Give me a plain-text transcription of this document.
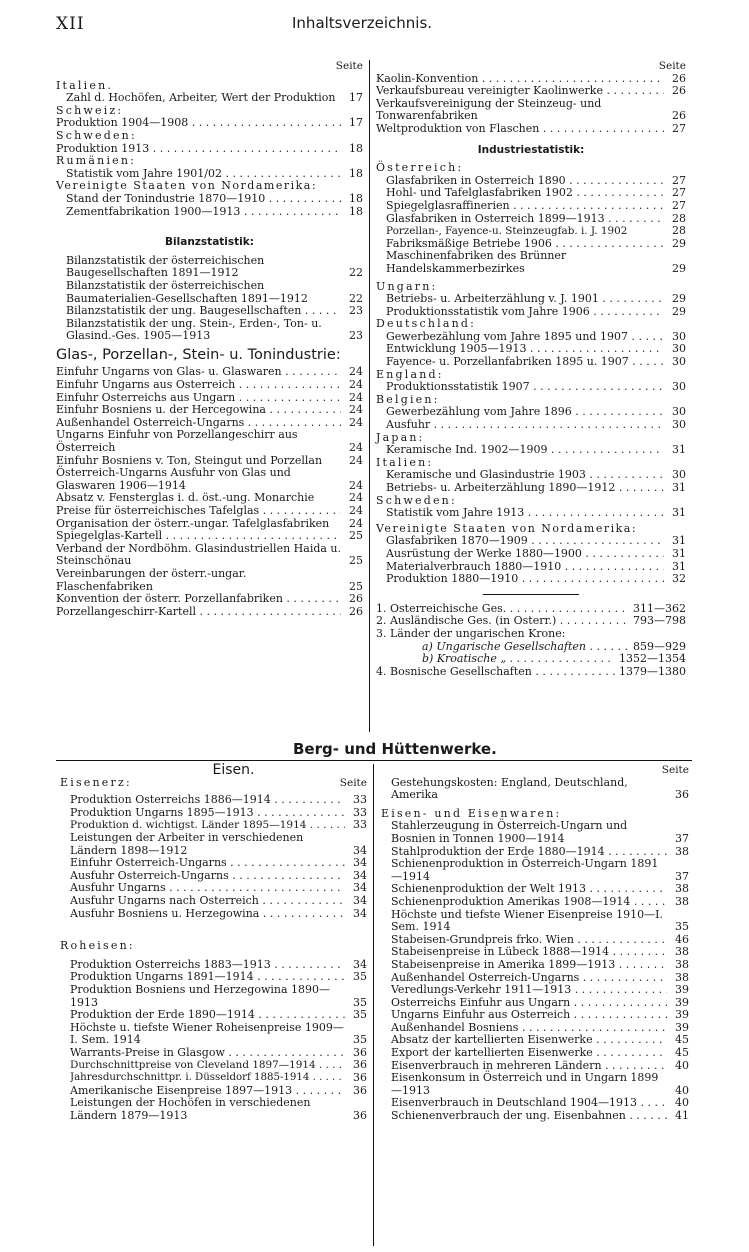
XII	Inhaltsverzeichnis.
Berg- und Hüttenwerke.
Seite
Italien.
Zahl d. Hochöfen, Arbeiter, Wert der Produktion	17
Schweiz:
Produktion 1904—1908 . . .	17
Schweden:
Produktion 1913 . . .	18
Rumänien:
Statistik vom Jahre 1901/02 . . .	18
Vereinigte Staaten von Nordamerika:
Stand der Tonindustrie 1870—1910 . . .	18
Zementfabrikation 1900—1913 . . .	18
Bilanzstatistik:
Bilanzstatistik der österreichischen Baugesellschaften 1891—1912	22
Bilanzstatistik der österreichischen Baumaterialien-Gesellschaften 1891—1912	22
Bilanzstatistik der ung. Baugesellschaften . . .	23
Bilanzstatistik der ung. Stein-, Erden-, Ton- u. Glasind.-Ges. 1905—1913	23
Glas-, Porzellan-, Stein- u. Tonindustrie:
Einfuhr Ungarns von Glas- u. Glaswaren . . .	24
Einfuhr Ungarns aus Österreich . . .	24
Einfuhr Österreichs aus Ungarn . . .	24
Einfuhr Bosniens u. der Hercegowina . . .	24
Außenhandel Österreich-Ungarns . . .	24
Ungarns Einfuhr von Porzellangeschirr aus Österreich	24
Einfuhr Bosniens v. Ton, Steingut und Porzellan	24
Österreich-Ungarns Ausfuhr von Glas und Glaswaren 1906—1914	24
Absatz v. Fensterglas i. d. öst.-ung. Monarchie	24
Preise für österreichisches Tafelglas . . .	24
Organisation der österr.-ungar. Tafelglasfabriken	24
Spiegelglas-Kartell . . .	25
Verband der Nordböhm. Glasindustriellen Haida u. Steinschönau	25
Vereinbarungen der österr.-ungar. Flaschenfabriken	25
Konvention der österr. Porzellanfabriken . . .	26
Porzellangeschirr-Kartell . . .	26
Seite
Kaolin-Konvention . . .	26
Verkaufsbureau vereinigter Kaolinwerke . . .	26
Verkaufsvereinigung der Steinzeug- und Tonwarenfabriken	26
Weltproduktion von Flaschen . . .	27
Industriestatistik:
Österreich:
Glasfabriken in Österreich 1890 . . .	27
Hohl- und Tafelglasfabriken 1902 . . .	27
Spiegelglasraffinerien . . .	27
Glasfabriken in Österreich 1899—1913 . . .	28
Porzellan-, Fayence-u. Steinzeugfab. i. J. 1902	28
Fabriksmäßige Betriebe 1906 . . .	29
Maschinenfabriken des Brünner Handelskammerbezirkes	29
Ungarn:
Betriebs- u. Arbeiterzählung v. J. 1901 . . .	29
Produktionsstatistik vom Jahre 1906 . . .	29
Deutschland:
Gewerbezählung vom Jahre 1895 und 1907 . . .	30
Entwicklung 1905—1913 . . .	30
Fayence- u. Porzellanfabriken 1895 u. 1907 . . .	30
England:
Produktionsstatistik 1907 . . .	30
Belgien:
Gewerbezählung vom Jahre 1896 . . .	30
Ausfuhr . . .	30
Japan:
Keramische Ind. 1902—1909 . . .	31
Italien:
Keramische und Glasindustrie 1903 . . .	30
Betriebs- u. Arbeiterzählung 1890—1912 . . .	31
Schweden:
Statistik vom Jahre 1913 . . .	31
Vereinigte Staaten von Nordamerika:
Glasfabriken 1870—1909 . . .	31
Ausrüstung der Werke 1880—1900 . . .	31
Materialverbrauch 1880—1910 . . .	31
Produktion 1880—1910 . . .	32
1. Österreichische Ges. . . .	311—362
2. Ausländische Ges. (in Österr.) . . .	793—798
3. Länder der ungarischen Krone:
a) Ungarische Gesellschaften . . .	859—929
b) Kroatische „ . . .	1352—1354
4. Bosnische Gesellschaften . . .	1379—1380
Eisen.
Eisenerz:	Seite
Produktion Österreichs 1886—1914 . . .	33
Produktion Ungarns 1895—1913 . . .	33
Produktion d. wichtigst. Länder 1895—1914 . . .	33
Leistungen der Arbeiter in verschiedenen Ländern 1898—1912	34
Einfuhr Österreich-Ungarns . . .	34
Ausfuhr Österreich-Ungarns . . .	34
Ausfuhr Ungarns . . .	34
Ausfuhr Ungarns nach Österreich . . .	34
Ausfuhr Bosniens u. Herzegowina . . .	34
Roheisen:
Produktion Österreichs 1883—1913 . . .	34
Produktion Ungarns 1891—1914 . . .	35
Produktion Bosniens und Herzegowina 1890—1913	35
Produktion der Erde 1890—1914 . . .	35
Höchste u. tiefste Wiener Roheisenpreise 1909—I. Sem. 1914	35
Warrants-Preise in Glasgow . . .	36
Durchschnittpreise von Cleveland 1897—1914 . . .	36
Jahresdurchschnittpr. i. Düsseldorf 1885-1914 . . .	36
Amerikanische Eisenpreise 1897—1913 . . .	36
Leistungen der Hochöfen in verschiedenen Ländern 1879—1913	36
Seite
Gestehungskosten: England, Deutschland, Amerika	36
Eisen- und Eisenwaren:
Stahlerzeugung in Österreich-Ungarn und Bosnien in Tonnen 1900—1914	37
Stahlproduktion der Erde 1880—1914 . . .	38
Schienenproduktion in Österreich-Ungarn 1891—1914	37
Schienenproduktion der Welt 1913 . . .	38
Schienenproduktion Amerikas 1908—1914 . . .	38
Höchste und tiefste Wiener Eisenpreise 1910—I. Sem. 1914	35
Stabeisen-Grundpreis frko. Wien . . .	46
Stabeisenpreise in Lübeck 1888—1914 . . .	38
Stabeisenpreise in Amerika 1899—1913 . . .	38
Außenhandel Österreich-Ungarns . . .	38
Veredlungs-Verkehr 1911—1913 . . .	39
Österreichs Einfuhr aus Ungarn . . .	39
Ungarns Einfuhr aus Österreich . . .	39
Außenhandel Bosniens . . .	39
Absatz der kartellierten Eisenwerke . . .	45
Export der kartellierten Eisenwerke . . .	45
Eisenverbrauch in mehreren Ländern . . .	40
Eisenkonsum in Österreich und in Ungarn 1899—1913	40
Eisenverbrauch in Deutschland 1904—1913 . . .	40
Schienenverbrauch der ung. Eisenbahnen . . .	41
